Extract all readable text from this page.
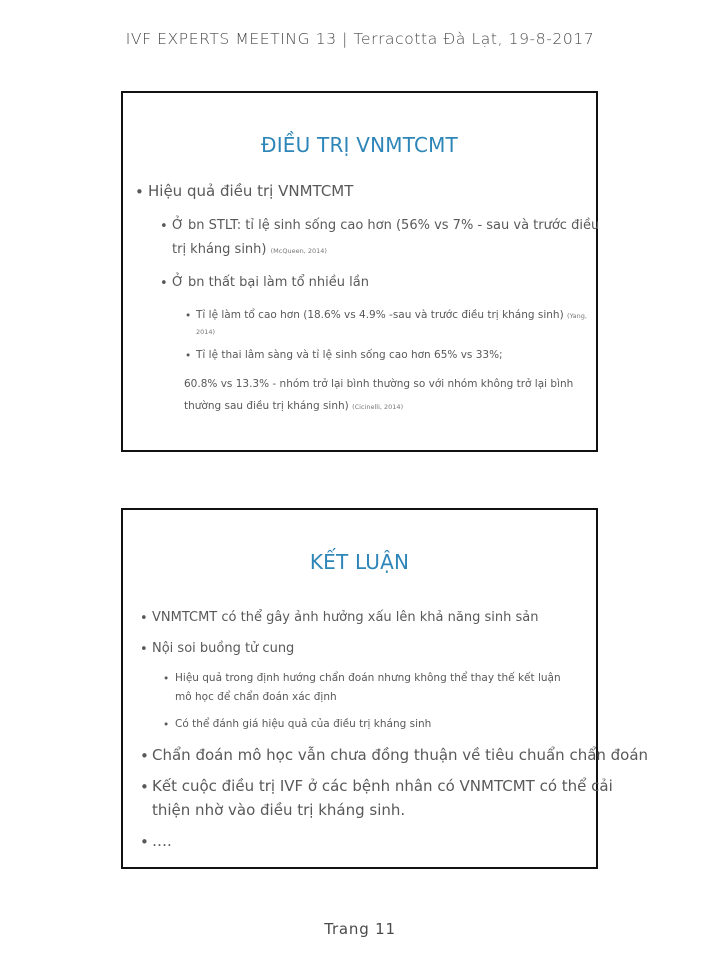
IVF EXPERTS MEETING 13 | Terracotta Đà Lạt, 19-8-2017
ĐIỀU TRỊ VNMTCMT
• Hiệu quả điều trị VNMTCMT
• Ở bn STLT: tỉ lệ sinh sống cao hơn (56% vs 7% - sau và trước điều
trị kháng sinh) (McQueen, 2014)
• Ở bn thất bại làm tổ nhiều lần
• Tỉ lệ làm tổ cao hơn (18.6% vs 4.9% -sau và trước điều trị kháng sinh) (Yang,
2014)
• Tỉ lệ thai lâm sàng và tỉ lệ sinh sống cao hơn 65% vs 33%;
60.8% vs 13.3% - nhóm trở lại bình thường so với nhóm không trở lại bình
thường sau điều trị kháng sinh) (Cicinelli, 2014)
KẾT LUẬN
• VNMTCMT có thể gây ảnh hưởng xấu lên khả năng sinh sản
• Nội soi buồng tử cung
• Hiệu quả trong định hướng chẩn đoán nhưng không thể thay thế kết luận
mô học để chẩn đoán xác định
• Có thể đánh giá hiệu quả của điều trị kháng sinh
• Chẩn đoán mô học vẫn chưa đồng thuận về tiêu chuẩn chẩn đoán
• Kết cuộc điều trị IVF ở các bệnh nhân có VNMTCMT có thể cải
thiện nhờ vào điều trị kháng sinh.
• ….
Trang 11
